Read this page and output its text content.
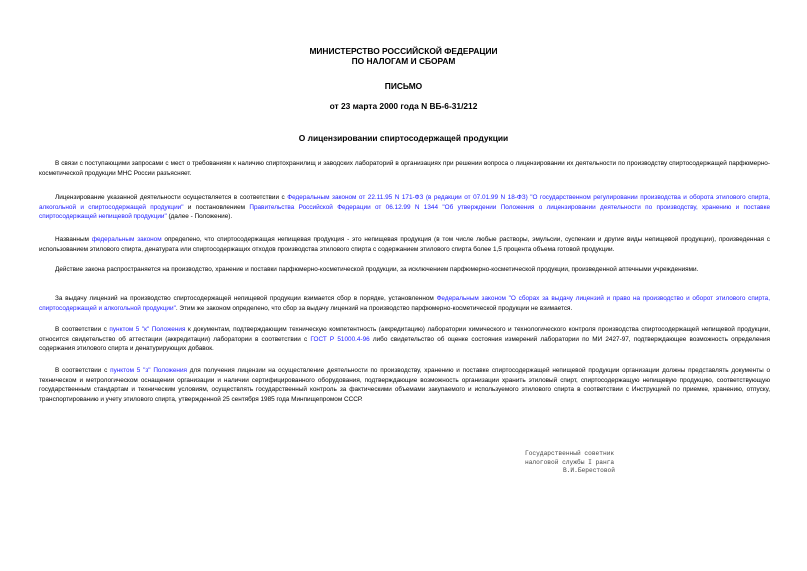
МИНИСТЕРСТВО РОССИЙСКОЙ ФЕДЕРАЦИИ
ПО НАЛОГАМ И СБОРАМ
ПИСЬМО
от 23 марта 2000 года N ВБ-6-31/212
О лицензировании спиртосодержащей продукции

В связи с поступающими запросами с мест о требованиям к наличию спиртохранилищ и заводских лабораторий в организациях при решении вопроса о лицензировании их деятельности по производству спиртосодержащей парфюмерно-косметической продукции МНС России разъясняет.

Лицензирование указанной деятельности осуществляется в соответствии с Федеральным законом от 22.11.95 N 171-ФЗ (в редакции от 07.01.99 N 18-ФЗ) "О государственном регулировании производства и оборота этилового спирта, алкогольной и спиртосодержащей продукции" и постановлением Правительства Российской Федерации от 06.12.99 N 1344 "Об утверждении Положения о лицензировании деятельности по производству, хранению и поставке спиртосодержащей непищевой продукции" (далее - Положение).

Названным федеральным законом определено, что спиртосодержащая непищевая продукция - это непищевая продукция (в том числе любые растворы, эмульсии, суспензии и другие виды непищевой продукции), произведенная с использованием этилового спирта, денатурата или спиртосодержащих отходов производства этилового спирта с содержанием этилового спирта более 1,5 процента объема готовой продукции.

Действие закона распространяется на производство, хранение и поставки парфюмерно-косметической продукции, за исключением парфюмерно-косметической продукции, произведенной аптечными учреждениями.

За выдачу лицензий на производство спиртосодержащей непищевой продукции взимается сбор в порядке, установленном Федеральным законом "О сборах за выдачу лицензий и право на производство и оборот этилового спирта, спиртосодержащей и алкогольной продукции". Этим же законом определено, что сбор за выдачу лицензий на производство парфюмерно-косметической продукции не взимается.

В соответствии с пунктом 5 "к" Положения к документам, подтверждающим техническую компетентность (аккредитацию) лаборатории химического и технологического контроля производства спиртосодержащей непищевой продукции, относится свидетельство об аттестации (аккредитации) лаборатории в соответствии с ГОСТ Р 51000.4-96 либо свидетельство об оценке состояния измерений лаборатории по МИ 2427-97, подтверждающее возможность определения содержания этилового спирта и денатурирующих добавок.

В соответствии с пунктом 5 "з" Положения для получения лицензии на осуществление деятельности по производству, хранению и поставке спиртосодержащей непищевой продукции организации должны представлять документы о техническом и метрологическом оснащении организации и наличии сертифицированного оборудования, подтверждающие возможность организации хранить этиловый спирт, спиртосодержащую непищевую продукцию, соответствующую государственным стандартам и техническим условиям, осуществлять государственный контроль за фактическими объемами закупаемого и используемого этилового спирта в соответствии с Инструкцией по приемке, хранению, отпуску, транспортированию и учету этилового спирта, утвержденной 25 сентября 1985 года Минпищепромом СССР.

Государственный советник
налоговой службы I ранга
В.И.Берестовой
